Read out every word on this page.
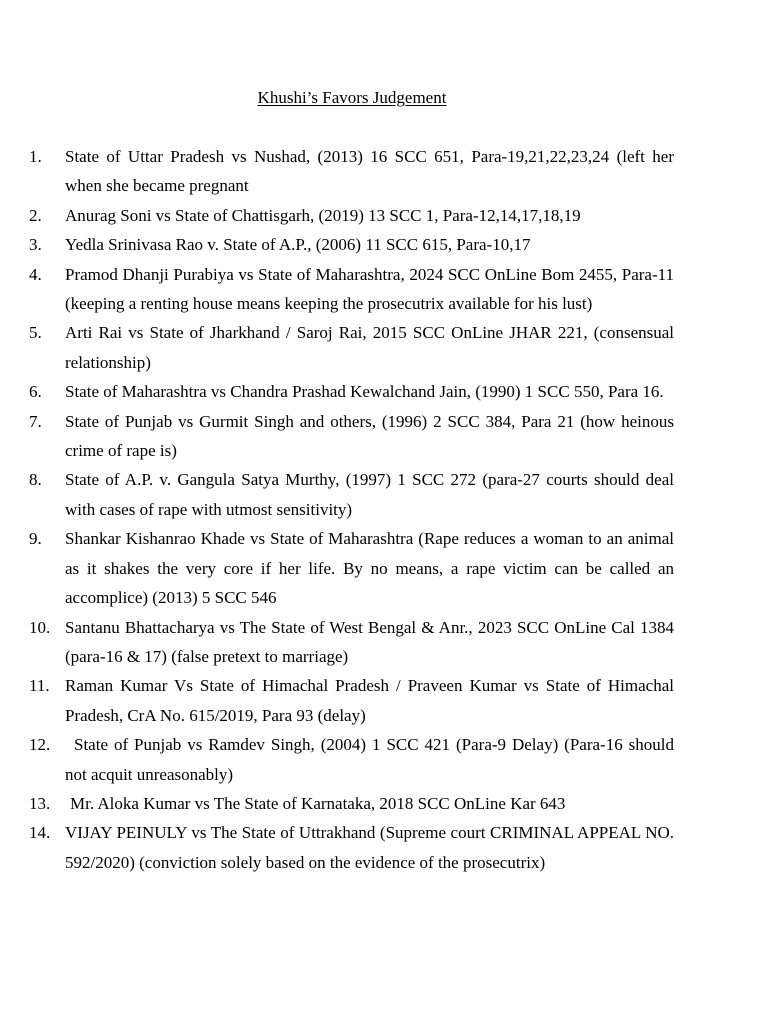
Khushi’s Favors Judgement
1. State of Uttar Pradesh vs Nushad, (2013) 16 SCC 651, Para-19,21,22,23,24 (left her when she became pregnant
2. Anurag Soni vs State of Chattisgarh, (2019) 13 SCC 1, Para-12,14,17,18,19
3. Yedla Srinivasa Rao v. State of A.P., (2006) 11 SCC 615, Para-10,17
4. Pramod Dhanji Purabiya vs State of Maharashtra, 2024 SCC OnLine Bom 2455, Para-11 (keeping a renting house means keeping the prosecutrix available for his lust)
5. Arti Rai vs State of Jharkhand / Saroj Rai, 2015 SCC OnLine JHAR 221, (consensual relationship)
6. State of Maharashtra vs Chandra Prashad Kewalchand Jain, (1990) 1 SCC 550, Para 16.
7. State of Punjab vs Gurmit Singh and others, (1996) 2 SCC 384, Para 21 (how heinous crime of rape is)
8. State of A.P. v. Gangula Satya Murthy, (1997) 1 SCC 272 (para-27 courts should deal with cases of rape with utmost sensitivity)
9. Shankar Kishanrao Khade vs State of Maharashtra (Rape reduces a woman to an animal as it shakes the very core if her life. By no means, a rape victim can be called an accomplice) (2013) 5 SCC 546
10. Santanu Bhattacharya vs The State of West Bengal & Anr., 2023 SCC OnLine Cal 1384 (para-16 & 17) (false pretext to marriage)
11. Raman Kumar Vs State of Himachal Pradesh / Praveen Kumar vs State of Himachal Pradesh, CrA No. 615/2019, Para 93 (delay)
12.	State of Punjab vs Ramdev Singh, (2004) 1 SCC 421 (Para-9 Delay) (Para-16 should not acquit unreasonably)
13. Mr. Aloka Kumar vs The State of Karnataka, 2018 SCC OnLine Kar 643
14. VIJAY PEINULY vs The State of Uttrakhand (Supreme court CRIMINAL APPEAL NO. 592/2020) (conviction solely based on the evidence of the prosecutrix)
